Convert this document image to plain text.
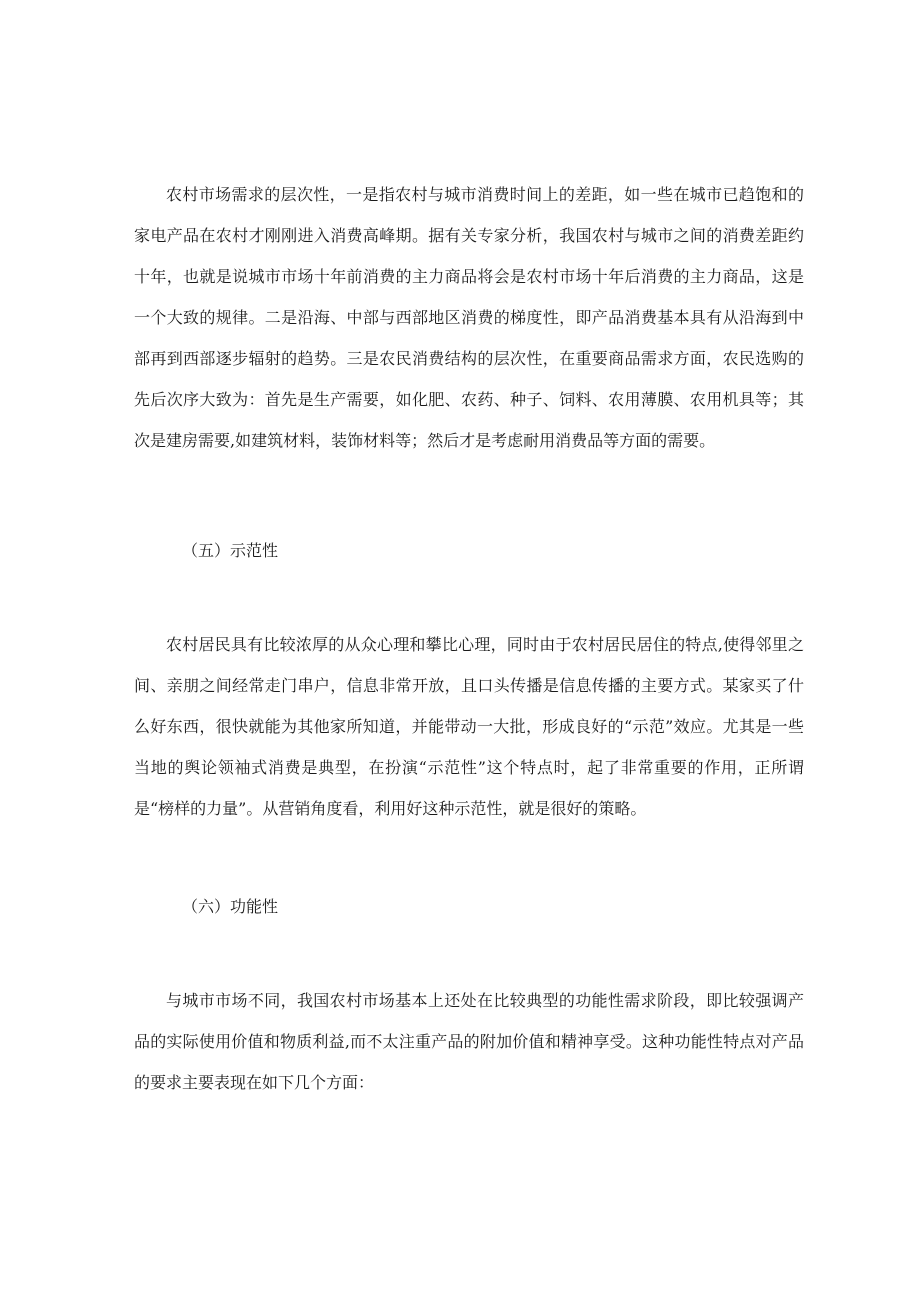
农村市场需求的层次性，一是指农村与城市消费时间上的差距，如一些在城市已趋饱和的家电产品在农村才刚刚进入消费高峰期。据有关专家分析，我国农村与城市之间的消费差距约十年，也就是说城市市场十年前消费的主力商品将会是农村市场十年后消费的主力商品，这是一个大致的规律。二是沿海、中部与西部地区消费的梯度性，即产品消费基本具有从沿海到中部再到西部逐步辐射的趋势。三是农民消费结构的层次性，在重要商品需求方面，农民选购的先后次序大致为：首先是生产需要，如化肥、农药、种子、饲料、农用薄膜、农用机具等；其次是建房需要,如建筑材料，装饰材料等；然后才是考虑耐用消费品等方面的需要。

（五）示范性

农村居民具有比较浓厚的从众心理和攀比心理，同时由于农村居民居住的特点,使得邻里之间、亲朋之间经常走门串户，信息非常开放，且口头传播是信息传播的主要方式。某家买了什么好东西，很快就能为其他家所知道，并能带动一大批，形成良好的“示范”效应。尤其是一些当地的舆论领袖式消费是典型，在扮演“示范性”这个特点时，起了非常重要的作用，正所谓是“榜样的力量”。从营销角度看，利用好这种示范性，就是很好的策略。

（六）功能性

与城市市场不同，我国农村市场基本上还处在比较典型的功能性需求阶段，即比较强调产品的实际使用价值和物质利益,而不太注重产品的附加价值和精神享受。这种功能性特点对产品的要求主要表现在如下几个方面：
